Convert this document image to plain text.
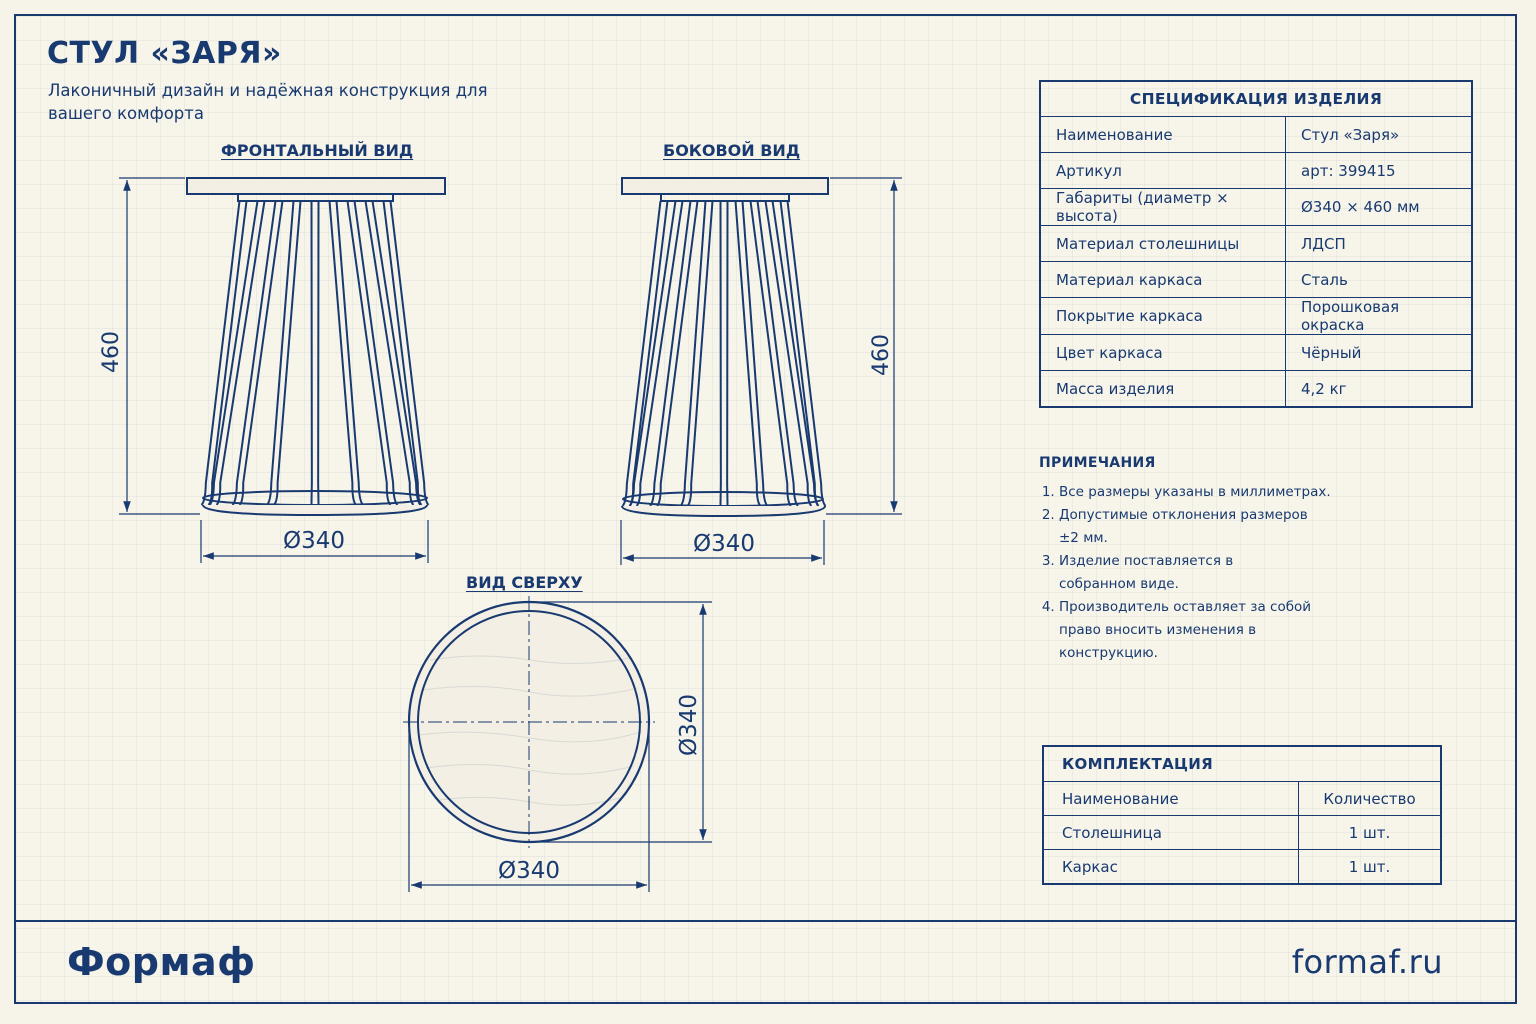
СТУЛ «ЗАРЯ»
Лаконичный дизайн и надёжная конструкция для вашего комфорта
ФРОНТАЛЬНЫЙ ВИД	БОКОВОЙ ВИД
ВИД СВЕРХУ
460
Ø340
460
Ø340
Ø340
Ø340
СПЕЦИФИКАЦИЯ ИЗДЕЛИЯ	
Наименование	Стул «Заря»
Артикул	арт: 399415
Габариты (диаметр × высота)	Ø340 × 460 мм
Материал столешницы	ЛДСП
Материал каркаса	Сталь
Покрытие каркаса	Порошковая окраска
Цвет каркаса	Чёрный
Масса изделия	4,2 кг
ПРИМЕЧАНИЯ
1. Все размеры указаны в миллиметрах.
2. Допустимые отклонения размеров ±2 мм.
3. Изделие поставляется в собранном виде.
4. Производитель оставляет за собой право вносить изменения в конструкцию.
КОМПЛЕКТАЦИЯ	
Наименование	Количество
Столешница	1 шт.
Каркас	1 шт.
Формаф	formaf.ru
